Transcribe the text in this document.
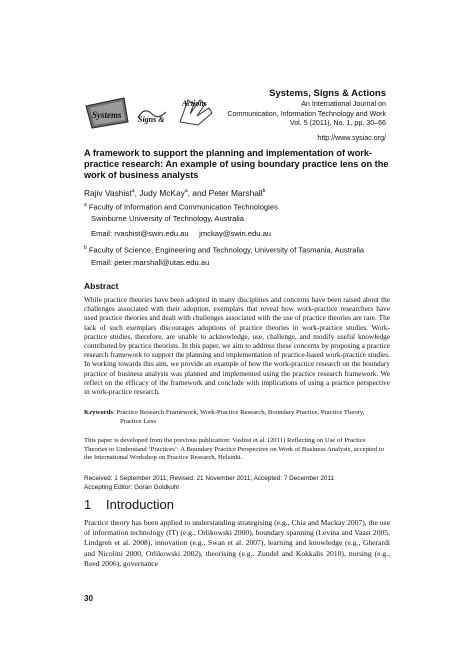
Systems Signs &
Actions
Systems, Signs & Actions
An International Journal on
Communication, Information Technology and Work
Vol. 5 (2011), No. 1, pp. 30–66
http://www.sysiac.org/
A framework to support the planning and implementation of work-practice research: An example of using boundary practice lens on the work of business analysts
Rajiv Vashist$^a$, Judy McKay$^a$, and Peter Marshall$^b$
$^a$ Faculty of Information and Communication Technologies
Swinburne University of Technology, Australia
Email: rvashist@swin.edu.au     jmckay@swin.edu.au
$^b$ Faculty of Science, Engineering and Technology, University of Tasmania, Australia
Email: peter.marshall@utas.edu.au
Abstract

While practice theories have been adopted in many disciplines and concerns have been raised about the challenges associated with their adoption, exemplars that reveal how work-practice researchers have used practice theories and dealt with challenges associated with the use of practice theories are rare. The lack of such exemplars discourages adoptions of practice theories in work-practice studies. Work-practice studies, therefore, are unable to acknowledge, use, challenge, and modify useful knowledge contributed by practice theorists. In this paper, we aim to address these concerns by proposing a practice research framework to support the planning and implementation of practice-based work-practice studies. In working towards this aim, we provide an example of how the work-practice research on the boundary practice of business analysts was planned and implemented using the practice research framework. We reflect on the efficacy of the framework and conclude with implications of using a practice perspective in work-practice research.

Keywords: Practice Research Framework, Work-Practice Research, Boundary Practice, Practice Theory,
Practice Lens

This paper is developed from the previous publication: Vashist et al. (2011) Reflecting on Use of Practice Theories to Understand ‘Practices’: A Boundary Practice Perspective on Work of Business Analysts, accepted to the International Workshop on Practice Research, Helsinki.

Received: 1 September 2011; Revised: 21 November 2011; Accepted: 7 December 2011
Accepting Editor: Goran Goldkuhl
1 Introduction

Practice theory has been applied to understanding strategising (e.g., Chia and Mackay 2007), the use of information technology (IT) (e.g., Orlikowski 2000), boundary spanning (Levina and Vaast 2005, Lindgren et al. 2008), innovation (e.g., Swan et al. 2007), learning and knowledge (e.g., Gherardi and Nicolini 2000, Orlikowski 2002), theorising (e.g., Zundel and Kokkalis 2010), nursing (e.g., Reed 2006), governance

30
